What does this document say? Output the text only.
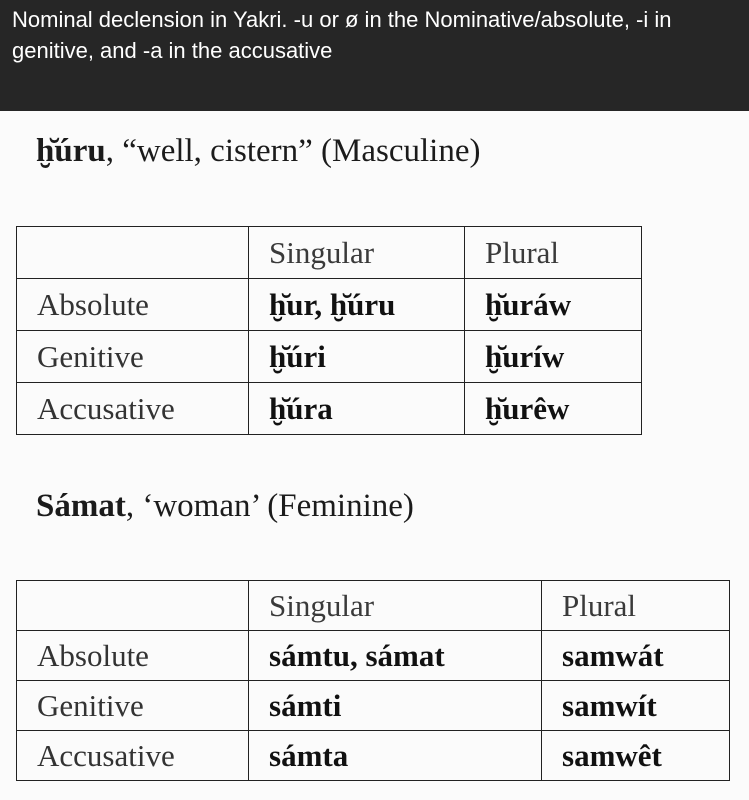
Nominal declension in Yakri. -u or ø in the Nominative/absolute, -i in genitive, and -a in the accusative
ḫ̆úru, “well, cistern” (Masculine)
	Singular	Plural
Absolute	ḫ̆ur, ḫ̆úru	ḫ̆uráw
Genitive	ḫ̆úri	ḫ̆uríw
Accusative	ḫ̆úra	ḫ̆urêw
Sámat, ‘woman’ (Feminine)
	Singular	Plural
Absolute	sámtu, sámat	samwát
Genitive	sámti	samwít
Accusative	sámta	samwêt
